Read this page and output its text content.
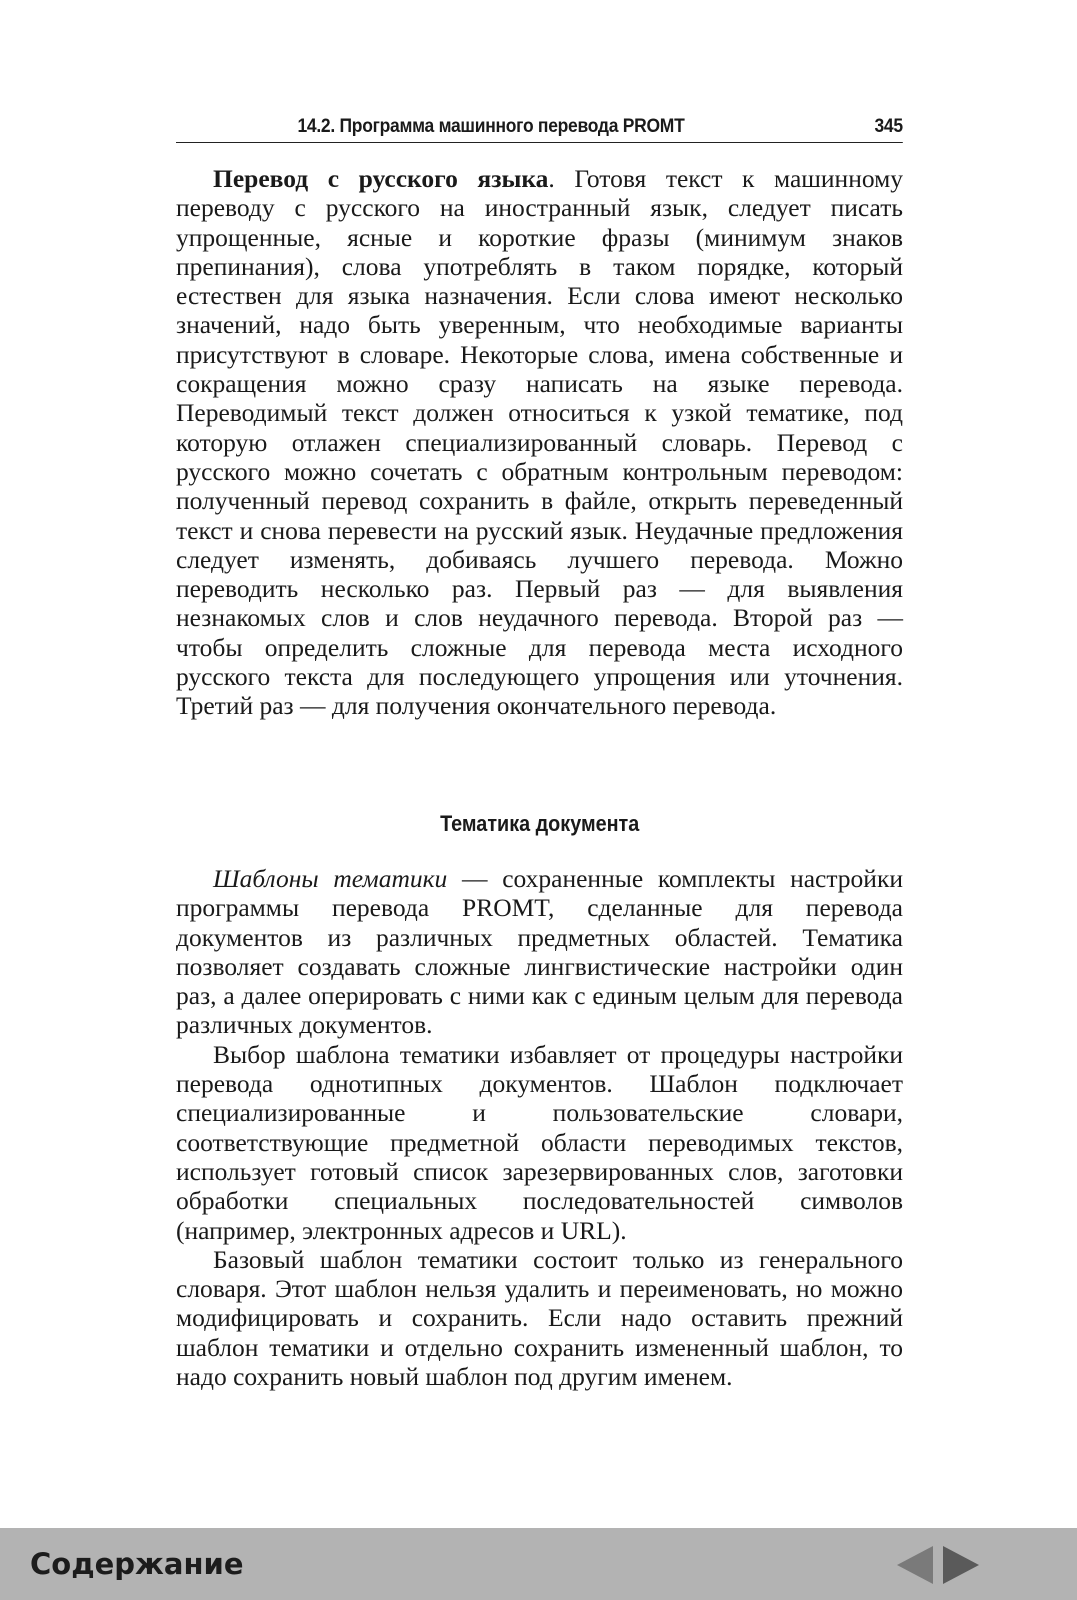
14.2. Программа машинного перевода PROMT	345

Перевод с русского языка. Готовя текст к машинному переводу с русского на иностранный язык, следует писать упрощенные, ясные и короткие фразы (минимум знаков препинания), слова употреблять в таком порядке, который естествен для языка назначения. Если слова имеют несколько значений, надо быть уверенным, что необходимые варианты присутствуют в словаре. Некоторые слова, имена собственные и сокращения можно сразу написать на языке перевода. Переводимый текст должен относиться к узкой тематике, под которую отлажен специализированный словарь. Перевод с русского можно сочетать с обратным контрольным переводом: полученный перевод сохранить в файле, открыть переведенный текст и снова перевести на русский язык. Неудачные предложения следует изменять, добиваясь лучшего перевода. Можно переводить несколько раз. Первый раз — для выявления незнакомых слов и слов неудачного перевода. Второй раз — чтобы определить сложные для перевода места исходного русского текста для последующего упрощения или уточнения. Третий раз — для получения окончательного перевода.

Тематика документа

Шаблоны тематики — сохраненные комплекты настройки программы перевода PROMT, сделанные для перевода документов из различных предметных областей. Тематика позволяет создавать сложные лингвистические настройки один раз, а далее оперировать с ними как с единым целым для перевода различных документов.

Выбор шаблона тематики избавляет от процедуры настройки перевода однотипных документов. Шаблон подключает специализированные и пользовательские словари, соответствующие предметной области переводимых текстов, использует готовый список зарезервированных слов, заготовки обработки специальных последовательностей символов (например, электронных адресов и URL).

Базовый шаблон тематики состоит только из генерального словаря. Этот шаблон нельзя удалить и переименовать, но можно модифицировать и сохранить. Если надо оставить прежний шаблон тематики и отдельно сохранить измененный шаблон, то надо сохранить новый шаблон под другим именем.

Содержание
